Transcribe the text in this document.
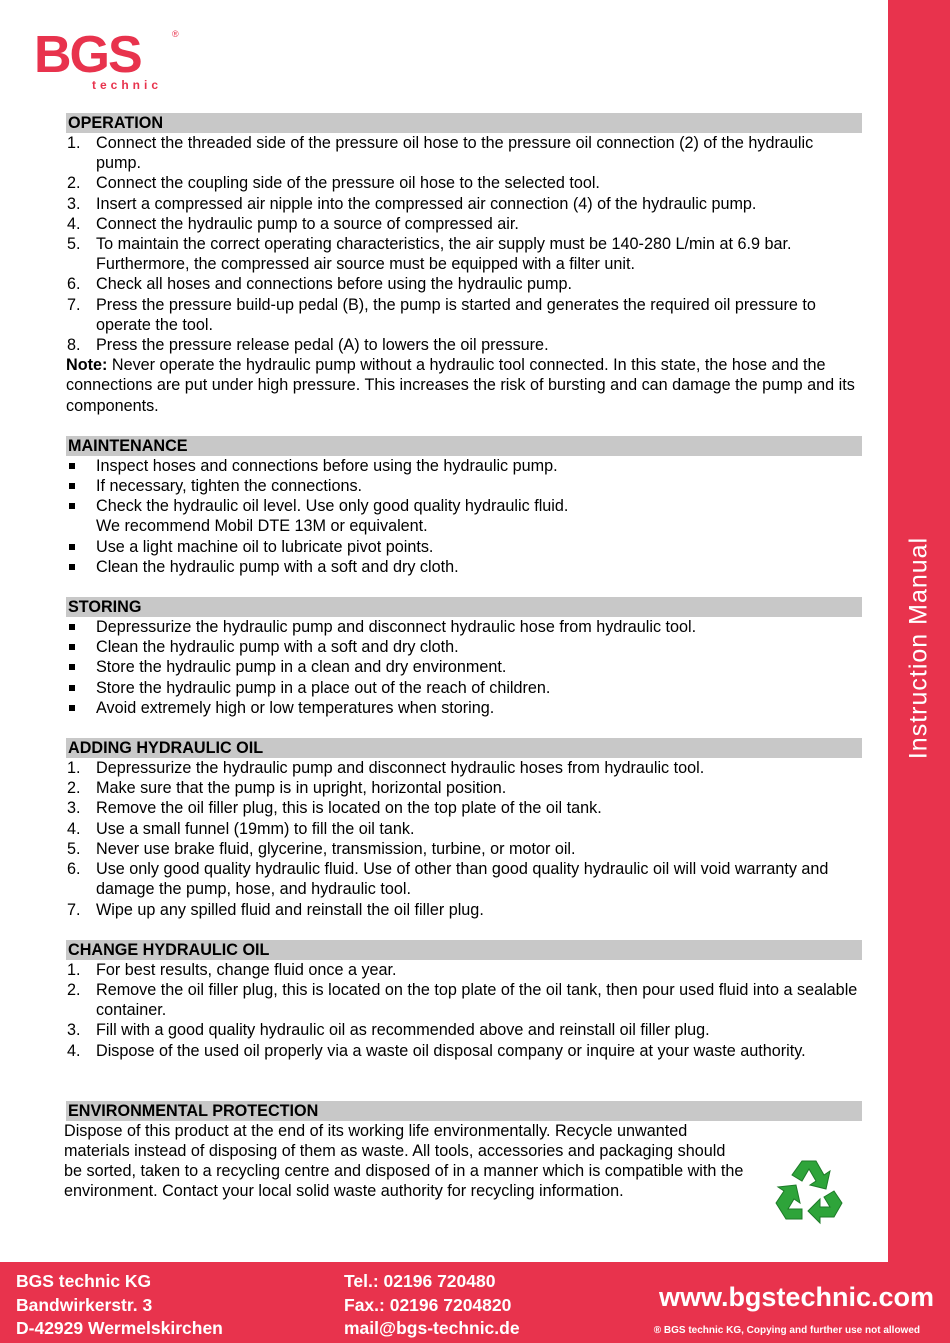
Instruction Manual
BGS	®
technic
OPERATION
1. Connect the threaded side of the pressure oil hose to the pressure oil connection (2) of the hydraulic pump.
2. Connect the coupling side of the pressure oil hose to the selected tool.
3. Insert a compressed air nipple into the compressed air connection (4) of the hydraulic pump.
4. Connect the hydraulic pump to a source of compressed air.
5. To maintain the correct operating characteristics, the air supply must be 140-280 L/min at 6.9 bar. Furthermore, the compressed air source must be equipped with a filter unit.
6. Check all hoses and connections before using the hydraulic pump.
7. Press the pressure build-up pedal (B), the pump is started and generates the required oil pressure to operate the tool.
8. Press the pressure release pedal (A) to lowers the oil pressure.

Note: Never operate the hydraulic pump without a hydraulic tool connected. In this state, the hose and the connections are put under high pressure. This increases the risk of bursting and can damage the pump and its components.

MAINTENANCE
Inspect hoses and connections before using the hydraulic pump.
If necessary, tighten the connections.
Check the hydraulic oil level. Use only good quality hydraulic fluid.
We recommend Mobil DTE 13M or equivalent.
Use a light machine oil to lubricate pivot points.
Clean the hydraulic pump with a soft and dry cloth.
STORING
Depressurize the hydraulic pump and disconnect hydraulic hose from hydraulic tool.
Clean the hydraulic pump with a soft and dry cloth.
Store the hydraulic pump in a clean and dry environment.
Store the hydraulic pump in a place out of the reach of children.
Avoid extremely high or low temperatures when storing.
ADDING HYDRAULIC OIL
1. Depressurize the hydraulic pump and disconnect hydraulic hoses from hydraulic tool.
2. Make sure that the pump is in upright, horizontal position.
3. Remove the oil filler plug, this is located on the top plate of the oil tank.
4. Use a small funnel (19mm) to fill the oil tank.
5. Never use brake fluid, glycerine, transmission, turbine, or motor oil.
6. Use only good quality hydraulic fluid. Use of other than good quality hydraulic oil will void warranty and damage the pump, hose, and hydraulic tool.
7. Wipe up any spilled fluid and reinstall the oil filler plug.
CHANGE HYDRAULIC OIL
1. For best results, change fluid once a year.
2. Remove the oil filler plug, this is located on the top plate of the oil tank, then pour used fluid into a sealable container.
3. Fill with a good quality hydraulic oil as recommended above and reinstall oil filler plug.
4. Dispose of the used oil properly via a waste oil disposal company or inquire at your waste authority.
ENVIRONMENTAL PROTECTION
Dispose of this product at the end of its working life environmentally. Recycle unwanted materials instead of disposing of them as waste. All tools, accessories and packaging should be sorted, taken to a recycling centre and disposed of in a manner which is compatible with the environment. Contact your local solid waste authority for recycling information.
BGS technic KG
Bandwirkerstr. 3
D-42929 Wermelskirchen
Tel.: 02196 720480
Fax.: 02196 7204820
mail@bgs-technic.de
www.bgstechnic.com
® BGS technic KG, Copying and further use not allowed
